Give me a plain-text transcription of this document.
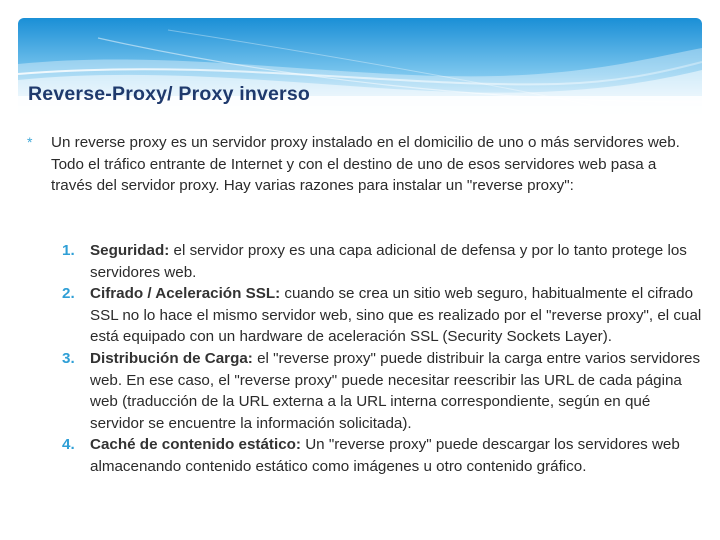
Reverse-Proxy/ Proxy inverso
* Un reverse proxy es un servidor proxy instalado en el domicilio de uno o más servidores web. Todo el tráfico entrante de Internet y con el destino de uno de esos servidores web pasa a través del servidor proxy. Hay varias razones para instalar un "reverse proxy":

1. Seguridad: el servidor proxy es una capa adicional de defensa y por lo tanto protege los servidores web.
2. Cifrado / Aceleración SSL: cuando se crea un sitio web seguro, habitualmente el cifrado SSL no lo hace el mismo servidor web, sino que es realizado por el "reverse proxy", el cual está equipado con un hardware de aceleración SSL (Security Sockets Layer).
3. Distribución de Carga: el "reverse proxy" puede distribuir la carga entre varios servidores web. En ese caso, el "reverse proxy" puede necesitar reescribir las URL de cada página web (traducción de la URL externa a la URL interna correspondiente, según en qué servidor se encuentre la información solicitada).
4. Caché de contenido estático: Un "reverse proxy" puede descargar los servidores web almacenando contenido estático como imágenes u otro contenido gráfico.
